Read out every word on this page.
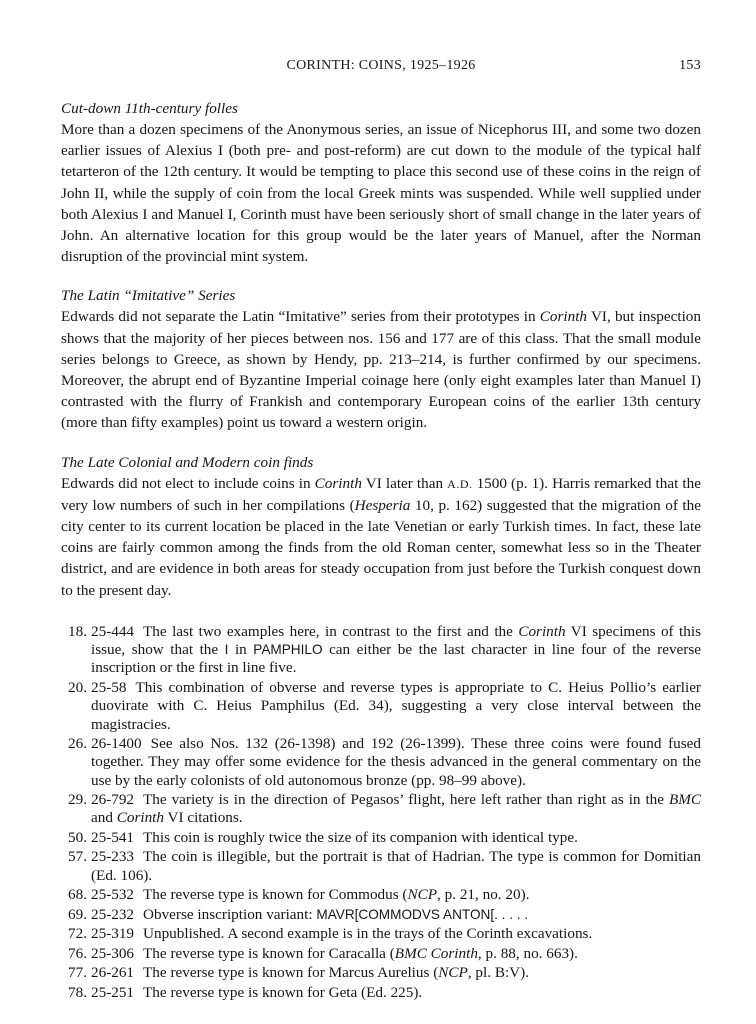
CORINTH: COINS, 1925–1926	153
Cut-down 11th-century folles
More than a dozen specimens of the Anonymous series, an issue of Nicephorus III, and some two dozen earlier issues of Alexius I (both pre- and post-reform) are cut down to the module of the typical half tetarteron of the 12th century. It would be tempting to place this second use of these coins in the reign of John II, while the supply of coin from the local Greek mints was suspended. While well supplied under both Alexius I and Manuel I, Corinth must have been seriously short of small change in the later years of John. An alternative location for this group would be the later years of Manuel, after the Norman disruption of the provincial mint system.
The Latin “Imitative” Series
Edwards did not separate the Latin “Imitative” series from their prototypes in Corinth VI, but inspection shows that the majority of her pieces between nos. 156 and 177 are of this class. That the small module series belongs to Greece, as shown by Hendy, pp. 213–214, is further confirmed by our specimens. Moreover, the abrupt end of Byzantine Imperial coinage here (only eight examples later than Manuel I) contrasted with the flurry of Frankish and contemporary European coins of the earlier 13th century (more than fifty examples) point us toward a western origin.
The Late Colonial and Modern coin finds
Edwards did not elect to include coins in Corinth VI later than A.D. 1500 (p. 1). Harris remarked that the very low numbers of such in her compilations (Hesperia 10, p. 162) suggested that the migration of the city center to its current location be placed in the late Venetian or early Turkish times. In fact, these late coins are fairly common among the finds from the old Roman center, somewhat less so in the Theater district, and are evidence in both areas for steady occupation from just before the Turkish conquest down to the present day.
18. 25-444 The last two examples here, in contrast to the first and the Corinth VI specimens of this issue, show that the I in PAMPHILO can either be the last character in line four of the reverse inscription or the first in line five.
20. 25-58 This combination of obverse and reverse types is appropriate to C. Heius Pollio’s earlier duovirate with C. Heius Pamphilus (Ed. 34), suggesting a very close interval between the magistracies.
26. 26-1400 See also Nos. 132 (26-1398) and 192 (26-1399). These three coins were found fused together. They may offer some evidence for the thesis advanced in the general commentary on the use by the early colonists of old autonomous bronze (pp. 98–99 above).
29. 26-792 The variety is in the direction of Pegasos’ flight, here left rather than right as in the BMC and Corinth VI citations.
50. 25-541 This coin is roughly twice the size of its companion with identical type.
57. 25-233 The coin is illegible, but the portrait is that of Hadrian. The type is common for Domitian (Ed. 106).
68. 25-532 The reverse type is known for Commodus (NCP, p. 21, no. 20).
69. 25-232 Obverse inscription variant: MAVR[COMMODVS ANTON[. . . . .
72. 25-319 Unpublished. A second example is in the trays of the Corinth excavations.
76. 25-306 The reverse type is known for Caracalla (BMC Corinth, p. 88, no. 663).
77. 26-261 The reverse type is known for Marcus Aurelius (NCP, pl. B:V).
78. 25-251 The reverse type is known for Geta (Ed. 225).
